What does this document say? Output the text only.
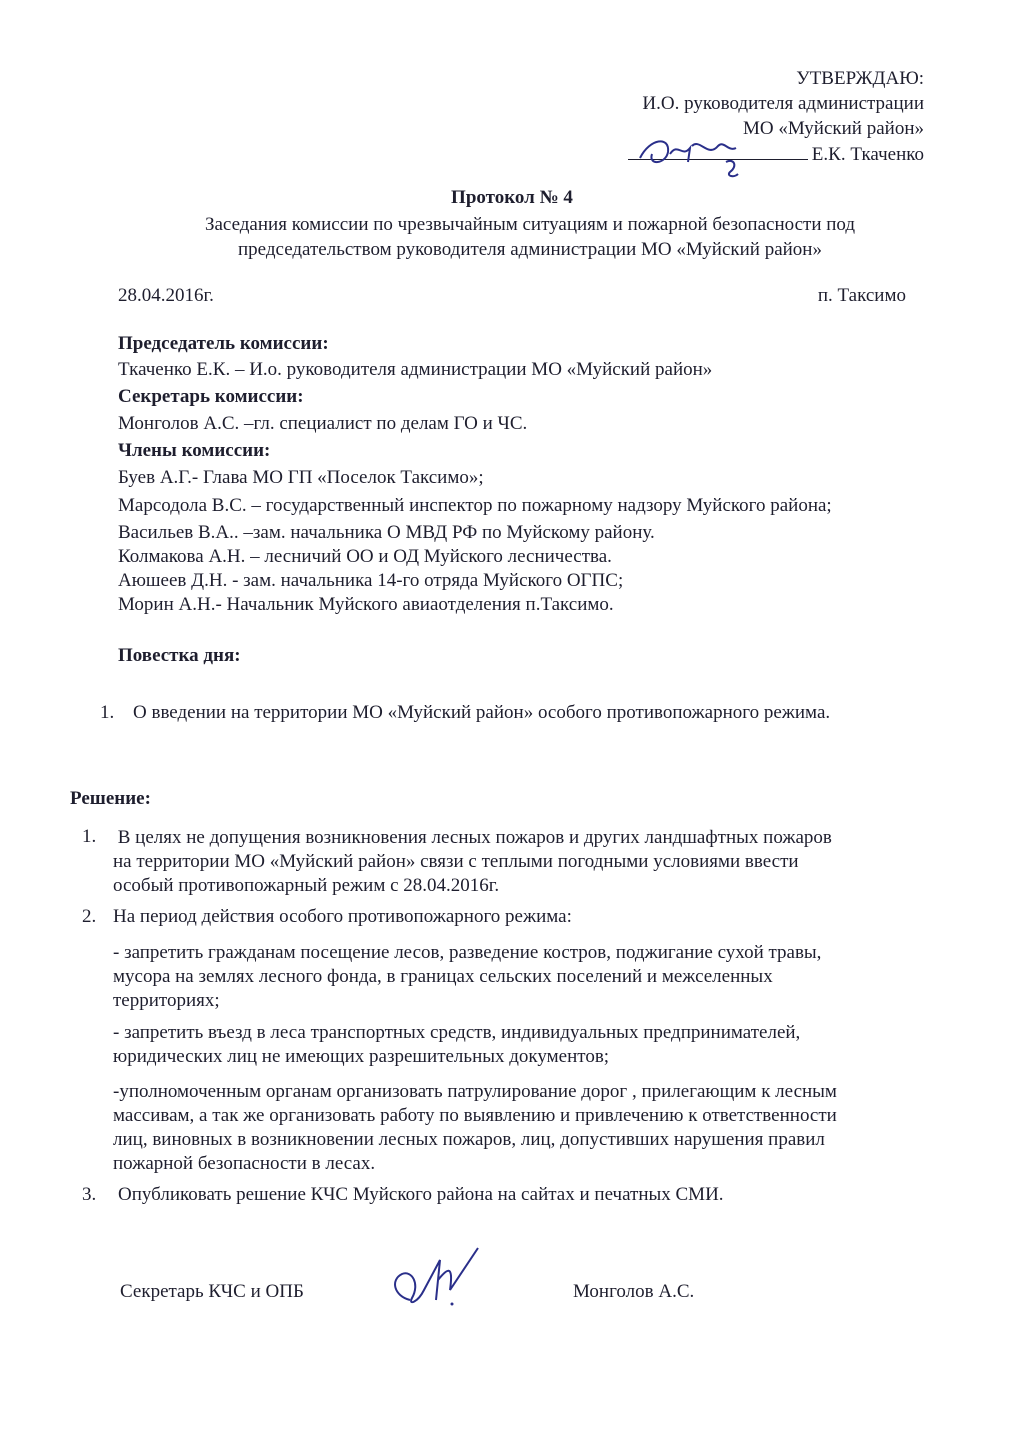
УТВЕРЖДАЮ:
И.О. руководителя администрации
МО «Муйский район»
Е.К. Ткаченко
Протокол № 4
Заседания комиссии по чрезвычайным ситуациям и пожарной безопасности под
председательством руководителя администрации МО «Муйский район»
28.04.2016г.	п. Таксимо
Председатель комиссии:
Ткаченко Е.К. – И.о. руководителя администрации МО «Муйский район»
Секретарь комиссии:
Монголов А.С. –гл. специалист по делам ГО и ЧС.
Члены комиссии:
Буев А.Г.- Глава МО ГП «Поселок Таксимо»;
Марсодола В.С. – государственный инспектор по пожарному надзору Муйского района;
Васильев В.А.. –зам. начальника О МВД РФ по Муйскому району.
Колмакова А.Н. – лесничий ОО и ОД Муйского лесничества.
Аюшеев Д.Н. - зам. начальника 14-го отряда Муйского ОГПС;
Морин А.Н.- Начальник Муйского авиаотделения п.Таксимо.
Повестка дня:
1. О введении на территории МО «Муйский район» особого противопожарного режима.
Решение:
1. В целях не допущения возникновения лесных пожаров и других ландшафтных пожаров
на территории МО «Муйский район» связи с теплыми погодными условиями ввести
особый противопожарный режим с 28.04.2016г.
2. На период действия особого противопожарного режима:
- запретить гражданам посещение лесов, разведение костров, поджигание сухой травы,
мусора на землях лесного фонда, в границах сельских поселений и межселенных
территориях;
- запретить въезд в леса транспортных средств, индивидуальных предпринимателей,
юридических лиц не имеющих разрешительных документов;
-уполномоченным органам организовать патрулирование дорог , прилегающим к лесным
массивам, а так же организовать работу по выявлению и привлечению к ответственности
лиц, виновных в возникновении лесных пожаров, лиц, допустивших нарушения правил
пожарной безопасности в лесах.
3. Опубликовать решение КЧС Муйского района на сайтах и печатных СМИ.
Секретарь КЧС и ОПБ	Монголов А.С.
